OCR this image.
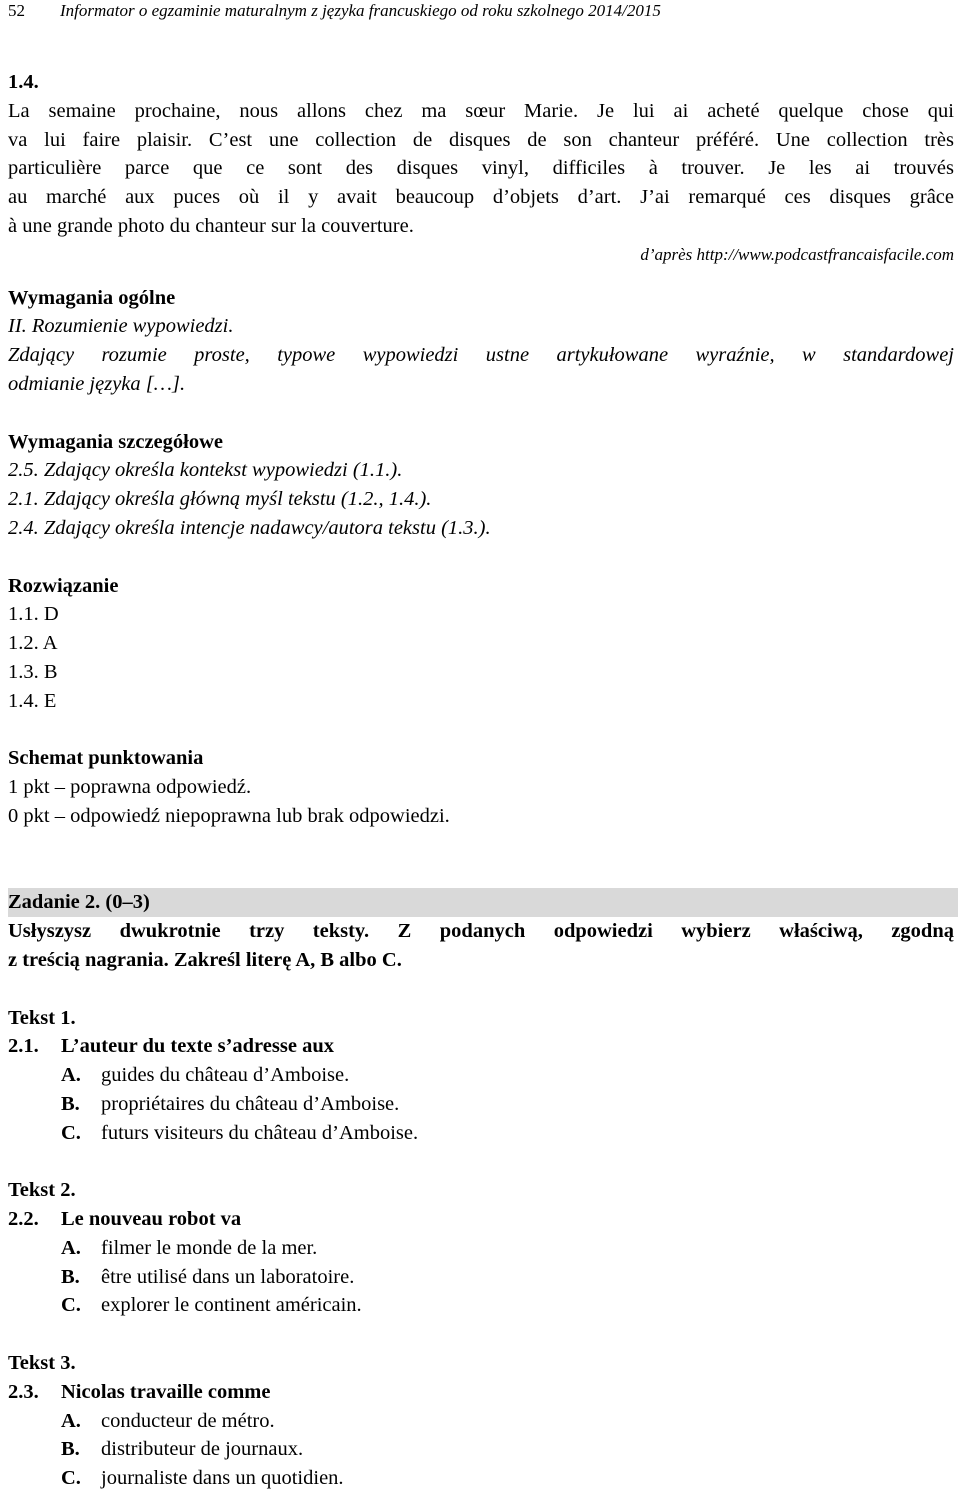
52 Informator o egzaminie maturalnym z języka francuskiego od roku szkolnego 2014/2015
1.4.
La semaine prochaine, nous allons chez ma sœur Marie. Je lui ai acheté quelque chose qui
va lui faire plaisir. C’est une collection de disques de son chanteur préféré. Une collection très
particulière parce que ce sont des disques vinyl, difficiles à trouver. Je les ai trouvés
au marché aux puces où il y avait beaucoup d’objets d’art. J’ai remarqué ces disques grâce
à une grande photo du chanteur sur la couverture.
d’après http://www.podcastfrancaisfacile.com
Wymagania ogólne
II. Rozumienie wypowiedzi.
Zdający rozumie proste, typowe wypowiedzi ustne artykułowane wyraźnie, w standardowej
odmianie języka […].
Wymagania szczegółowe
2.5. Zdający określa kontekst wypowiedzi (1.1.).
2.1. Zdający określa główną myśl tekstu (1.2., 1.4.).
2.4. Zdający określa intencje nadawcy/autora tekstu (1.3.).
Rozwiązanie
1.1. D
1.2. A
1.3. B
1.4. E
Schemat punktowania
1 pkt – poprawna odpowiedź.
0 pkt – odpowiedź niepoprawna lub brak odpowiedzi.
Zadanie 2. (0–3)
Usłyszysz dwukrotnie trzy teksty. Z podanych odpowiedzi wybierz właściwą, zgodną
z treścią nagrania. Zakreśl literę A, B albo C.
Tekst 1.
2.1. L’auteur du texte s’adresse aux
A. guides du château d’Amboise.
B. propriétaires du château d’Amboise.
C. futurs visiteurs du château d’Amboise.
Tekst 2.
2.2. Le nouveau robot va
A. filmer le monde de la mer.
B. être utilisé dans un laboratoire.
C. explorer le continent américain.
Tekst 3.
2.3. Nicolas travaille comme
A. conducteur de métro.
B. distributeur de journaux.
C. journaliste dans un quotidien.
